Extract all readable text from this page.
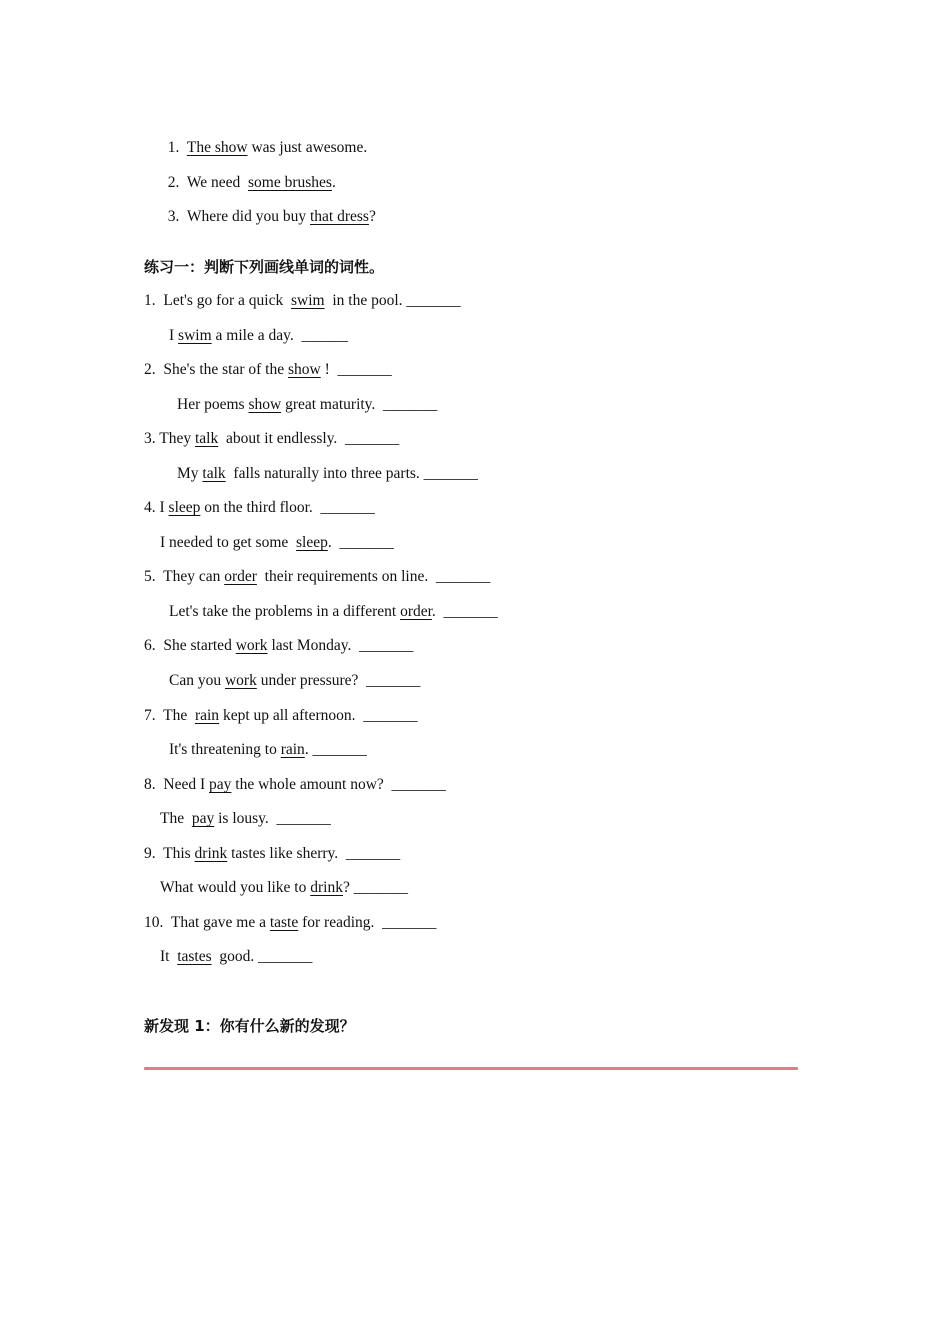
1. The show was just awesome.

2. We need  some brushes.

3. Where did you buy that dress?

练习一：判断下列画线单词的词性。
1.  Let's go for a quick  swim  in the pool. _______
I swim a mile a day.  ______
2.  She's the star of the show !  _______
Her poems show great maturity.  _______
3. They talk  about it endlessly.  _______
My talk  falls naturally into three parts. _______
4. I sleep on the third floor.  _______
I needed to get some  sleep.  _______
5.  They can order  their requirements on line.  _______
Let's take the problems in a different order.  _______
6.  She started work last Monday.  _______
Can you work under pressure?  _______
7.  The  rain kept up all afternoon.  _______
It's threatening to rain. _______
8.  Need I pay the whole amount now?  _______
The  pay is lousy.  _______
9.  This drink tastes like sherry.  _______
What would you like to drink? _______
10.  That gave me a taste for reading.  _______
It  tastes  good. _______
新发现 1：你有什么新的发现？
